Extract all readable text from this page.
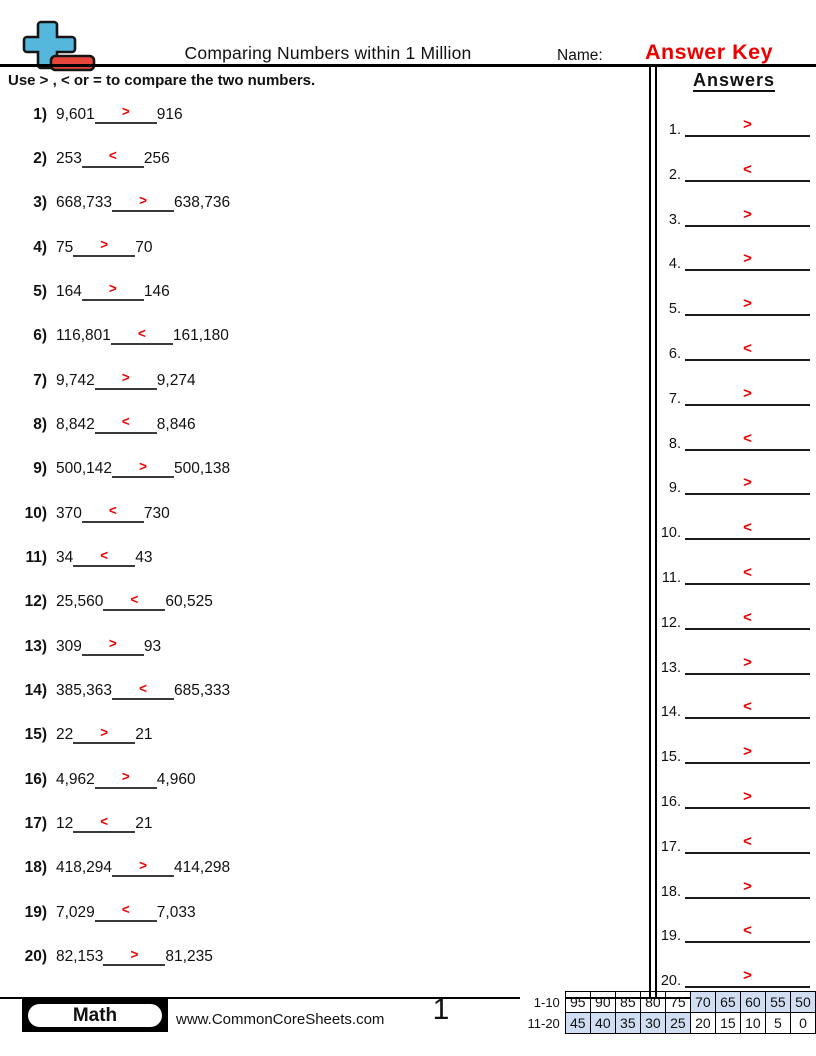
Comparing Numbers within 1 Million	Name:	Answer Key
Use > , < or = to compare the two numbers.	Answers
1.	>
2.	<
3.	>
4.	>
5.	>
6.	<
7.	>
8.	<
9.	>
10.	<
11.	<
12.	<
13.	>
14.	<
15.	>
16.	>
17.	<
18.	>
19.	<
20.	>
1) 9,601 > 916
2) 253 < 256
3) 668,733 > 638,736
4) 75 > 70
5) 164 > 146
6) 116,801 < 161,180
7) 9,742 > 9,274
8) 8,842 < 8,846
9) 500,142 > 500,138
10) 370 < 730
11) 34 < 43
12) 25,560 < 60,525
13) 309 > 93
14) 385,363 < 685,333
15) 22 > 21
16) 4,962 > 4,960
17) 12 < 21
18) 418,294 > 414,298
19) 7,029 < 7,033
20) 82,153 > 81,235
Math	www.CommonCoreSheets.com	1	1-10	95	90	85	80	75	70	65	60	55	50
11-20	45	40	35	30	25	20	15	10	5	0
